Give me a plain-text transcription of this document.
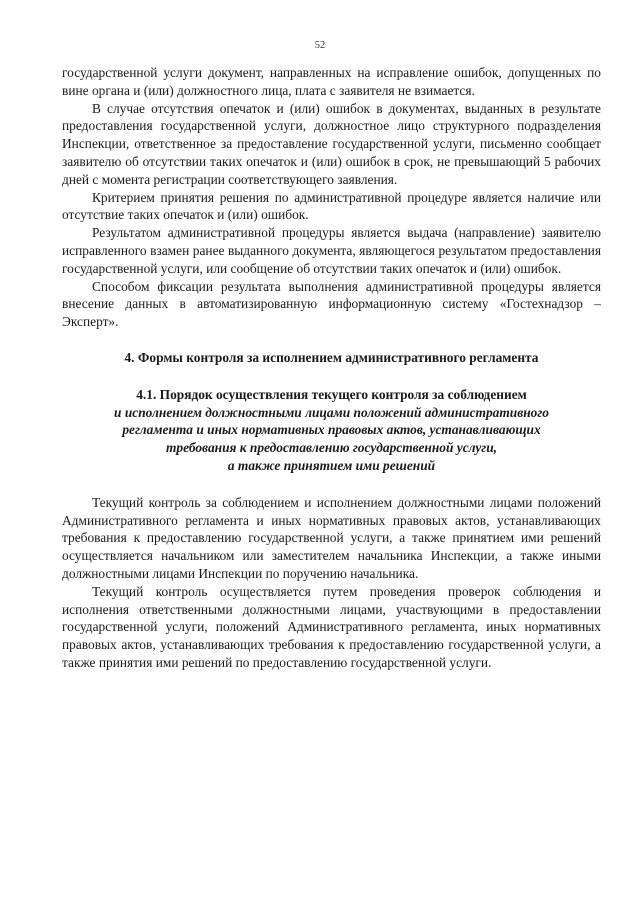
52

государственной услуги документ, направленных на исправление ошибок, допущенных по вине органа и (или) должностного лица, плата с заявителя не взимается.

В случае отсутствия опечаток и (или) ошибок в документах, выданных в результате предоставления государственной услуги, должностное лицо структурного подразделения Инспекции, ответственное за предоставление государственной услуги, письменно сообщает заявителю об отсутствии таких опечаток и (или) ошибок в срок, не превышающий 5 рабочих дней с момента регистрации соответствующего заявления.

Критерием принятия решения по административной процедуре является наличие или отсутствие таких опечаток и (или) ошибок.

Результатом административной процедуры является выдача (направление) заявителю исправленного взамен ранее выданного документа, являющегося результатом предоставления государственной услуги, или сообщение об отсутствии таких опечаток и (или) ошибок.

Способом фиксации результата выполнения административной процедуры является внесение данных в автоматизированную информационную систему «Гостехнадзор – Эксперт».

4. Формы контроля за исполнением административного регламента
4.1. Порядок осуществления текущего контроля за соблюдением
и исполнением должностными лицами положений административного
регламента и иных нормативных правовых актов, устанавливающих
требования к предоставлению государственной услуги,
а также принятием ими решений

Текущий контроль за соблюдением и исполнением должностными лицами положений Административного регламента и иных нормативных правовых актов, устанавливающих требования к предоставлению государственной услуги, а также принятием ими решений осуществляется начальником или заместителем начальника Инспекции, а также иными должностными лицами Инспекции по поручению начальника.

Текущий контроль осуществляется путем проведения проверок соблюдения и исполнения ответственными должностными лицами, участвующими в предоставлении государственной услуги, положений Административного регламента, иных нормативных правовых актов, устанавливающих требования к предоставлению государственной услуги, а также принятия ими решений по предоставлению государственной услуги.
